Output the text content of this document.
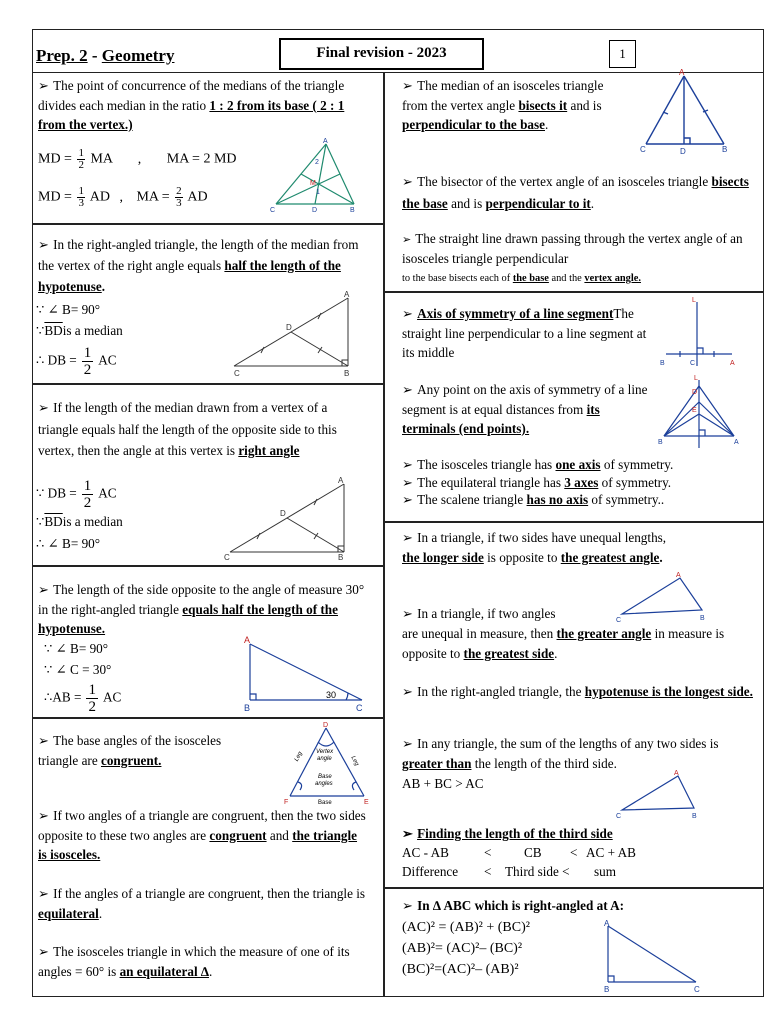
Prep. 2 - Geometry	Final revision - 2023	1
➢ The point of concurrence of the medians of the triangle divides each median in the ratio 1 : 2 from its base ( 2 : 1 from the vertex.)
MD = $\frac{1}{2}$ MA , MA = 2 MD
MD = $\frac{1}{3}$ AD , MA = $\frac{2}{3}$ AD
A
2
M
1
C	D	B
➢ In the right-angled triangle, the length of the median from the vertex of the right angle equals half the length of the hypotenuse.
∵ ∠ B= 90°
$\because\overline{BD}is$ a median
∴ DB = $\frac{1}{2}$ AC
A
D
C	B
➢ If the length of the median drawn from a vertex of a triangle equals half the length of the opposite side to this vertex, then the angle at this vertex is right angle
∵ DB = $\frac{1}{2}$ AC
$\because\overline{BD}is$ a median
∴ ∠ B= 90°
A
D
C	B
➢ The length of the side opposite to the angle of measure 30° in the right-angled triangle equals half the length of the hypotenuse.
∵ ∠ B= 90°
∵ ∠ C = 30°
∴AB = $\frac{1}{2}$ AC
A
B	C
30
➢ The base angles of the isosceles triangle are congruent.
D
Vertex
angle
Leg	Leg
Base
angles
Base
F	E
➢ If two angles of a triangle are congruent, then the two sides opposite to these two angles are congruent and the triangle is isosceles.
➢ If the angles of a triangle are congruent, then the triangle is equilateral.
➢ The isosceles triangle in which the measure of one of its angles = 60° is an equilateral ∆.
➢ The median of an isosceles triangle from the vertex angle bisects it and is perpendicular to the base.
A
C	D	B
➢ The bisector of the vertex angle of an isosceles triangle bisects the base and is perpendicular to it.
➢ The straight line drawn passing through the vertex angle of an isosceles triangle perpendicular
to the base bisects each of the base and the vertex angle.
➢ Axis of symmetry of a line segmentThe straight line perpendicular to a line segment at its middle
L
B	C	A
➢ Any point on the axis of symmetry of a line segment is at equal distances from its terminals (end points).
L
D
E
B	A
➢ The isosceles triangle has one axis of symmetry.
➢ The equilateral triangle has 3 axes of symmetry.
➢ The scalene triangle has no axis of symmetry..
➢ In a triangle, if two sides have unequal lengths,
the longer side is opposite to the greatest angle.
A
C	B
➢ In a triangle, if two angles
are unequal in measure, then the greater angle in measure is opposite to the greatest side.
➢ In the right-angled triangle, the hypotenuse is the longest side.
➢ In any triangle, the sum of the lengths of any two sides is greater than the length of the third side.
AB + BC > AC
A
C	B
➢ Finding the length of the third side
AC - AB	< CB < AC + AB
Difference < Third side < sum
➢ In ∆ ABC which is right-angled at A:
(AC)² = (AB)² + (BC)²
(AB)²= (AC)²– (BC)²
(BC)²=(AC)²– (AB)²
A
B	C
